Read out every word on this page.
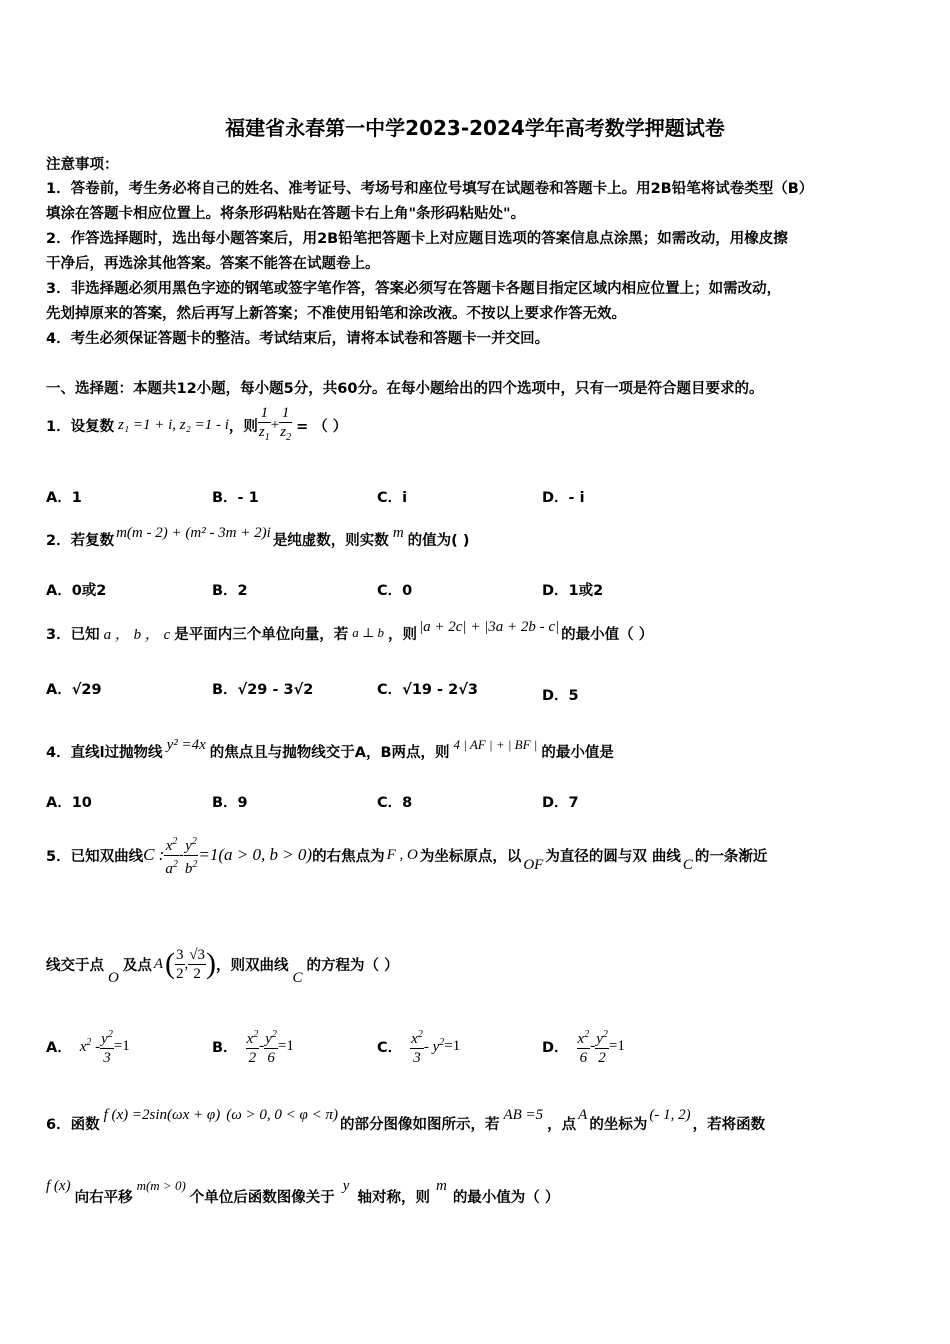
福建省永春第一中学2023-2024学年高考数学押题试卷
注意事项：
1．答卷前，考生务必将自己的姓名、准考证号、考场号和座位号填写在试题卷和答题卡上。用2B铅笔将试卷类型（B）
填涂在答题卡相应位置上。将条形码粘贴在答题卡右上角"条形码粘贴处"。
2．作答选择题时，选出每小题答案后，用2B铅笔把答题卡上对应题目选项的答案信息点涂黑；如需改动，用橡皮擦
干净后，再选涂其他答案。答案不能答在试题卷上。
3．非选择题必须用黑色字迹的钢笔或签字笔作答，答案必须写在答题卡各题目指定区域内相应位置上；如需改动，
先划掉原来的答案，然后再写上新答案；不准使用铅笔和涂改液。不按以上要求作答无效。
4．考生必须保证答题卡的整洁。考试结束后，请将本试卷和答题卡一并交回。
一、选择题：本题共12小题，每小题5分，共60分。在每小题给出的四个选项中，只有一项是符合题目要求的。
1．设复数 z₁ =1 + i, z₂ =1 - i ，则 $\frac{1}{z_1} + \frac{1}{z_2}$ = （ ）
A．1	B．- 1	C．i	D．- i
2．若复数 m(m - 2) + (m² - 3m + 2)i 是纯虚数，则实数 m 的值为( )
A．0或2	B．2	C．0	D．1或2
3．已知 a ， b ， c 是平面内三个单位向量，若 a ⊥ b ，则 |a + 2c| + |3a + 2b - c| 的最小值（ ）
A．√29	B．√29 - 3√2	C．√19 - 2√3	D．5
4．直线l过抛物线 y² =4x 的焦点且与抛物线交于A，B两点，则 4 | AF | + | BF | 的最小值是
A．10	B．9	C．8	D．7
5．已知双曲线 C : $\frac{x^2}{a^2} - \frac{y^2}{b^2} =1(a > 0$, b > 0) 的右焦点为 F , O 为坐标原点，以 OF 为直径的圆与双 曲线 C 的一条渐近
线交于点
O
及点 A ( $\frac{3}{2}$ , $\frac{√3}{2}$ ) ，则双曲线
C
的方程为（ ）
A． $x^2 - \frac{y^2}{3} =1$	B． $\frac{x^2}{2} - \frac{y^2}{6} =1$	C． $\frac{x^2}{3} - y^2 =1$	D． $\frac{x^2}{6} - \frac{y^2}{2} =1$
6．函数
f (x) =2sin(ωx + φ) (ω > 0, 0 < φ < π)
的部分图像如图所示，若
AB =5
，点
A
的坐标为
(- 1, 2)
，若将函数
f (x)
向右平移
m(m > 0)
个单位后函数图像关于
y
轴对称，则
m
的最小值为（ ）
